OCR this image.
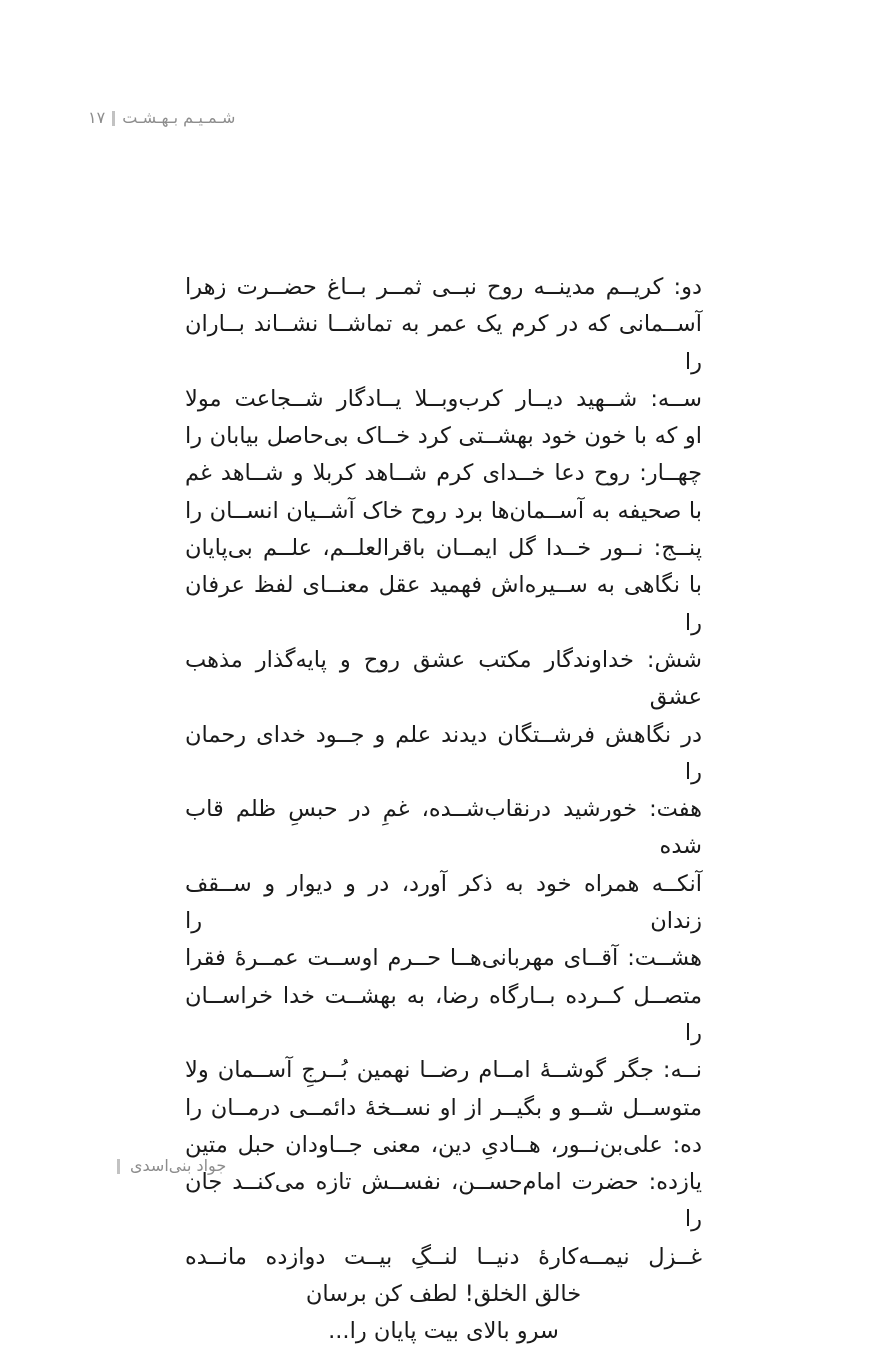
۱۷ شـمـیـم بـهـشـت
دو: کریــم مدینــه روح نبــی ثمــر بــاغ حضــرت زهرا
آســمانی که در کرم یک عمر به تماشــا نشــاند بــاران را
ســه: شــهید دیــار کرب‌وبــلا یــادگار شــجاعت مولا
او که با خون خود بهشــتی کرد خــاک بی‌حاصل بیابان را
چهــار: روح دعا خــدای کرم شــاهد کربلا و شــاهد غم
با صحیفه به آســمان‌ها برد روح خاک آشــیان انســان را
پنــج: نــور خــدا گل ایمــان باقرالعلــم، علــم بی‌پایان
با نگاهی به ســیره‌اش فهمید عقل معنــای لفظ عرفان را
شش: خداوندگار مکتب عشق روح و پایه‌گذار مذهب عشق
در نگاهش فرشــتگان دیدند علم و جــود خدای رحمان را
هفت: خورشید درنقاب‌شــده، غمِ در حبسِ ظلم قاب شده
آنکــه همراه خود به ذکر آورد، در و دیوار و ســقف زندان را
هشــت: آقــای مهربانی‌هــا حــرم اوســت عمــرۀ فقرا
متصــل کــرده بــارگاه رضا، به بهشــت خدا خراســان را
نــه: جگر گوشــۀ امــام رضــا نهمین بُــرجِ آســمان ولا
متوســل شــو و بگیــر از او نســخۀ دائمــی درمــان را
ده: علی‌بن‌نــور، هــادیِ دین، معنی جــاودان حبل متین
یازده: حضرت امام‌حســن، نفســش تازه می‌کنــد جان را
غــزل نیمــه‌کارۀ دنیــا لنــگِ بیــت دوازده مانــده
خالق الخلق! لطف کن برسان
سرو بالای بیت پایان را...
جواد بنی‌اسدی
